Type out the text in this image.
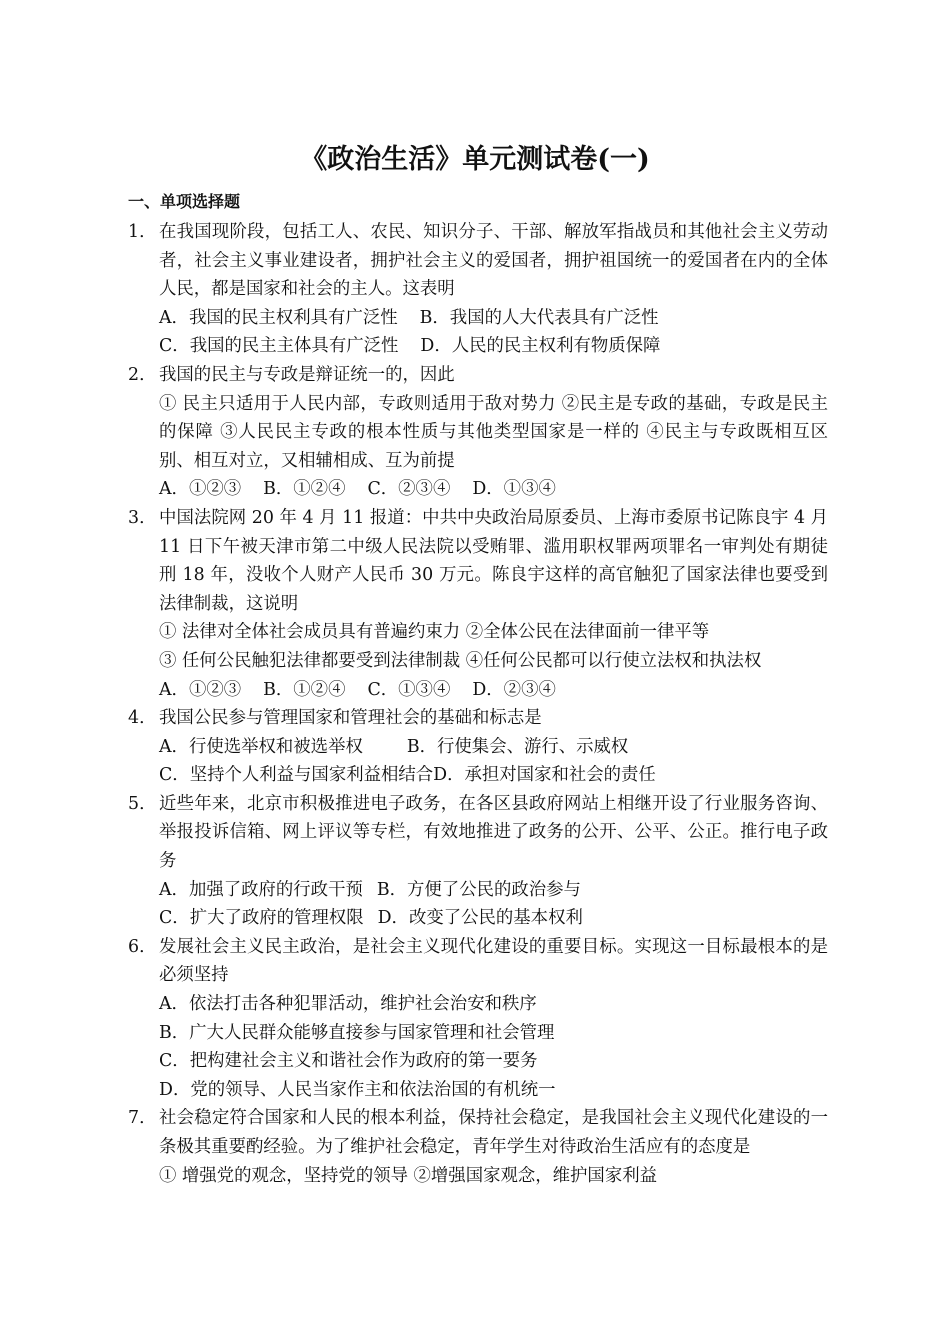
《政治生活》单元测试卷(一)
一、单项选择题
1． 在我国现阶段，包括工人、农民、知识分子、干部、解放军指战员和其他社会主义劳动者，社会主义事业建设者，拥护社会主义的爱国者，拥护祖国统一的爱国者在内的全体人民，都是国家和社会的主人。这表明
A．我国的民主权利具有广泛性 B．我国的人大代表具有广泛性
C．我国的民主主体具有广泛性 D．人民的民主权利有物质保障
2． 我国的民主与专政是辩证统一的，因此
① 民主只适用于人民内部，专政则适用于敌对势力 ②民主是专政的基础，专政是民主的保障 ③人民民主专政的根本性质与其他类型国家是一样的 ④民主与专政既相互区别、相互对立，又相辅相成、互为前提
A．①②③ B．①②④ C．②③④ D．①③④
3． 中国法院网 20 年 4 月 11 报道：中共中央政治局原委员、上海市委原书记陈良宇 4 月 11 日下午被天津市第二中级人民法院以受贿罪、滥用职权罪两项罪名一审判处有期徒刑 18 年，没收个人财产人民币 30 万元。陈良宇这样的高官触犯了国家法律也要受到法律制裁，这说明
① 法律对全体社会成员具有普遍约束力 ②全体公民在法律面前一律平等
③ 任何公民触犯法律都要受到法律制裁 ④任何公民都可以行使立法权和执法权
A．①②③ B．①②④ C．①③④ D．②③④
4． 我国公民参与管理国家和管理社会的基础和标志是
A．行使选举权和被选举权	B．行使集会、游行、示威权
C．坚持个人利益与国家利益相结合D．承担对国家和社会的责任
5． 近些年来，北京市积极推进电子政务，在各区县政府网站上相继开设了行业服务咨询、举报投诉信箱、网上评议等专栏，有效地推进了政务的公开、公平、公正。推行电子政务
A．加强了政府的行政干预 B．方便了公民的政治参与
C．扩大了政府的管理权限 D．改变了公民的基本权利
6． 发展社会主义民主政治，是社会主义现代化建设的重要目标。实现这一目标最根本的是必须坚持
A．依法打击各种犯罪活动，维护社会治安和秩序
B．广大人民群众能够直接参与国家管理和社会管理
C．把构建社会主义和谐社会作为政府的第一要务
D．党的领导、人民当家作主和依法治国的有机统一
7． 社会稳定符合国家和人民的根本利益，保持社会稳定，是我国社会主义现代化建设的一条极其重要酌经验。为了维护社会稳定，青年学生对待政治生活应有的态度是
① 增强党的观念，坚持党的领导 ②增强国家观念，维护国家利益
